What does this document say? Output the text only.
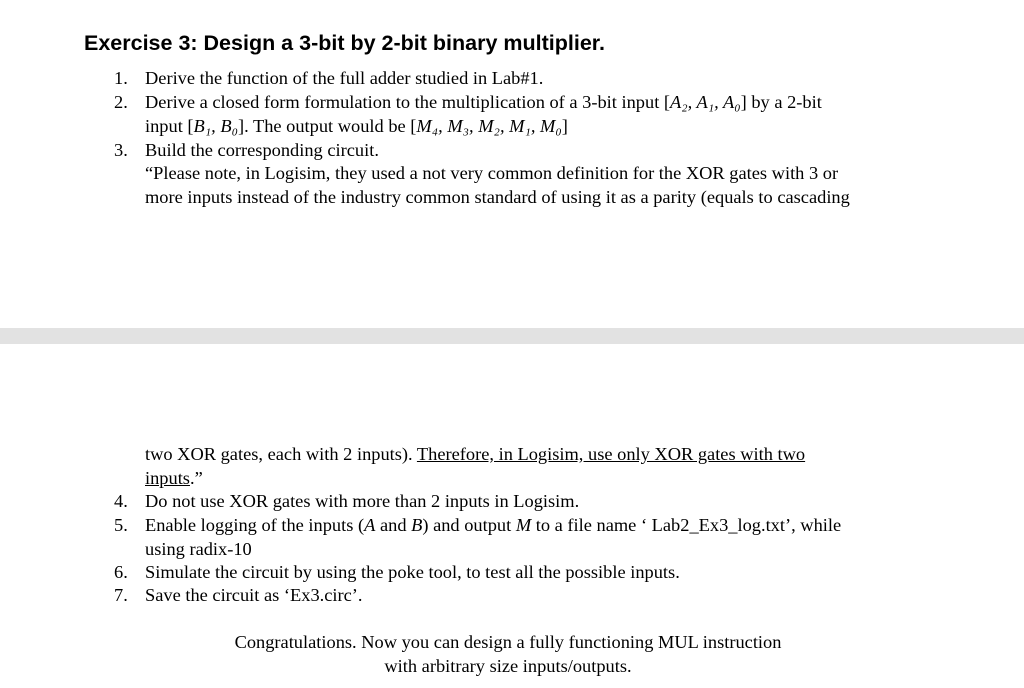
Exercise 3: Design a 3-bit by 2-bit binary multiplier.
1. Derive the function of the full adder studied in Lab#1.
2. Derive a closed form formulation to the multiplication of a 3-bit input [A₂, A₁, A₀] by a 2-bit
input [B₁, B₀]. The output would be [M₄, M₃, M₂, M₁, M₀]
3. Build the corresponding circuit.
“Please note, in Logisim, they used a not very common definition for the XOR gates with 3 or
more inputs instead of the industry common standard of using it as a parity (equals to cascading
two XOR gates, each with 2 inputs). Therefore, in Logisim, use only XOR gates with two
inputs.”
4. Do not use XOR gates with more than 2 inputs in Logisim.
5. Enable logging of the inputs (A and B) and output M to a file name ‘ Lab2_Ex3_log.txt’, while
using radix-10
6. Simulate the circuit by using the poke tool, to test all the possible inputs.
7. Save the circuit as ‘Ex3.circ’.
Congratulations. Now you can design a fully functioning MUL instruction
with arbitrary size inputs/outputs.
